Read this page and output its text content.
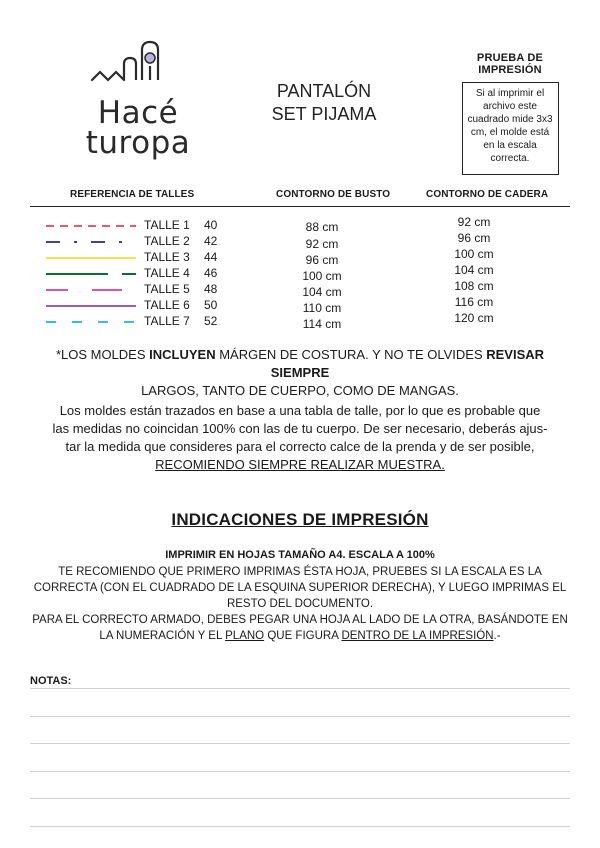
Hacé
turopa
PANTALÓN
SET PIJAMA
PRUEBA DE IMPRESIÓN
Si al imprimir el archivo este cuadrado mide 3x3 cm, el molde está en la escala correcta.
REFERENCIA DE TALLES	CONTORNO DE BUSTO	CONTORNO DE CADERA
TALLE 1 40	88 cm	92 cm
TALLE 2 42	92 cm	96 cm
TALLE 3 44	96 cm	100 cm
TALLE 4 46	100 cm	104 cm
TALLE 5 48	104 cm	108 cm
TALLE 6 50	110 cm	116 cm
TALLE 7 52	114 cm	120 cm
*LOS MOLDES INCLUYEN MÁRGEN DE COSTURA. Y NO TE OLVIDES REVISAR SIEMPRE
LARGOS, TANTO DE CUERPO, COMO DE MANGAS.
Los moldes están trazados en base a una tabla de talle, por lo que es probable que
las medidas no coincidan 100% con las de tu cuerpo. De ser necesario, deberás ajus-
tar la medida que consideres para el correcto calce de la prenda y de ser posible,
RECOMIENDO SIEMPRE REALIZAR MUESTRA.
INDICACIONES DE IMPRESIÓN
IMPRIMIR EN HOJAS TAMAÑO A4. ESCALA A 100%
TE RECOMIENDO QUE PRIMERO IMPRIMAS ÉSTA HOJA, PRUEBES SI LA ESCALA ES LA CORRECTA (CON EL CUADRADO DE LA ESQUINA SUPERIOR DERECHA), Y LUEGO IMPRIMAS EL RESTO DEL DOCUMENTO.
PARA EL CORRECTO ARMADO, DEBES PEGAR UNA HOJA AL LADO DE LA OTRA, BASÁNDOTE EN LA NUMERACIÓN Y EL PLANO QUE FIGURA DENTRO DE LA IMPRESIÓN.-
NOTAS:
